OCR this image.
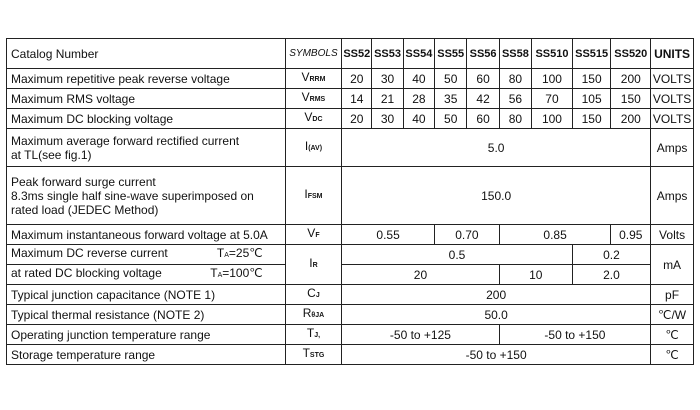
Catalog Number	SYMBOLS	SS52	SS53	SS54	SS55	SS56	SS58	SS510	SS515	SS520	UNITS
Maximum repetitive peak reverse voltage	VRRM	20	30	40	50	60	80	100	150	200	VOLTS
Maximum RMS voltage	VRMS	14	21	28	35	42	56	70	105	150	VOLTS
Maximum DC blocking voltage	VDC	20	30	40	50	60	80	100	150	200	VOLTS

Maximum average forward rectified current
at TL(see fig.1)	I(AV)	5.0									Amps

Peak forward surge current
8.3ms single half sine-wave superimposed on
rated load (JEDEC Method)	IFSM	150.0									Amps
Maximum instantaneous forward voltage at 5.0A	VF	0.55			0.70		0.85			0.95	Volts

Maximum DC reverse current TA=25℃	IR	0.5							0.2		mA

at rated DC blocking voltage TA=100℃		20					10		2.0		
Typical junction capacitance (NOTE 1)	CJ	200									pF
Typical thermal resistance (NOTE 2)	RθJA	50.0									℃/W
Operating junction temperature range	TJ,	-50 to +125					-50 to +150				℃
Storage temperature range	TSTG	-50 to +150									℃
